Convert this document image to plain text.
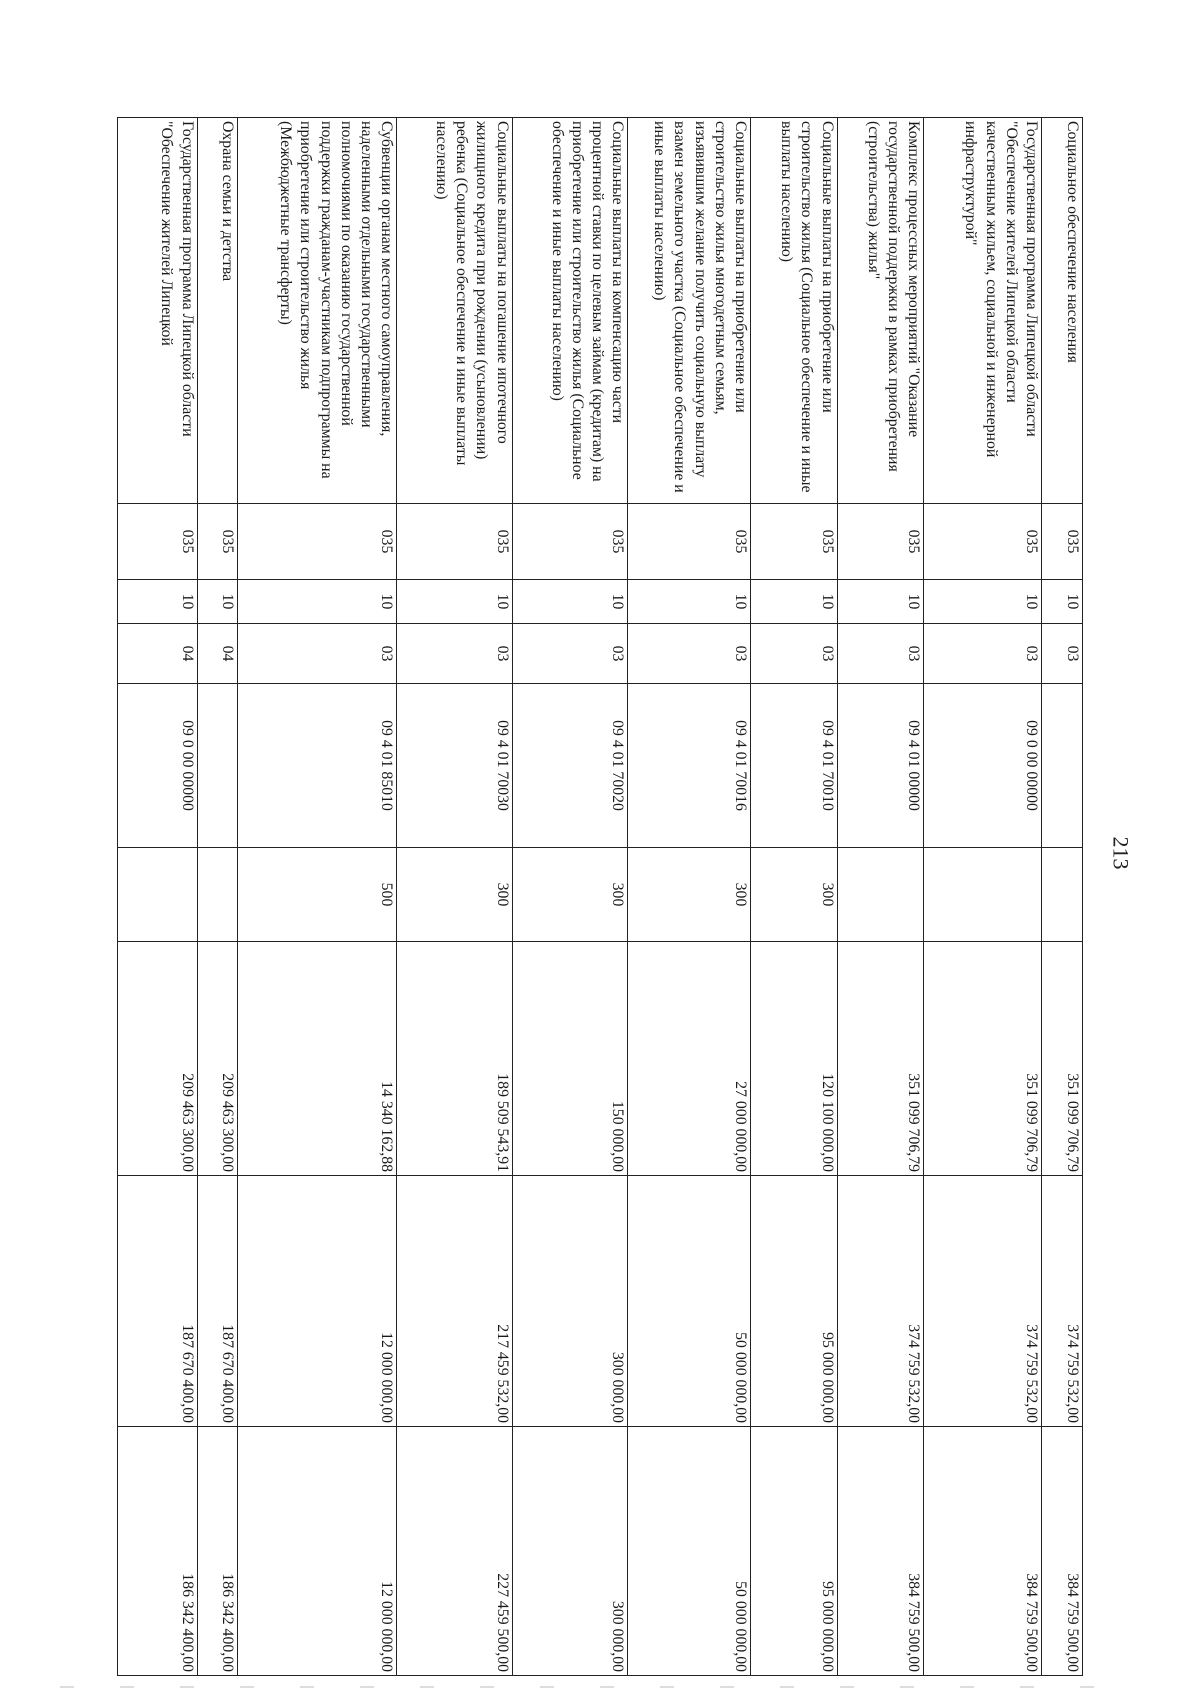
213
Социальное обеспечение населения	035	10	03			351 099 706,79	374 759 532,00	384 759 500,00
Государственная программа Липецкой области "Обеспечение жителей Липецкой области качественным жильем, социальной и инженерной инфраструктурой"	035	10	03	09 0 00 00000		351 099 706,79	374 759 532,00	384 759 500,00
Комплекс процессных мероприятий "Оказание государственной поддержки в рамках приобретения (строительства) жилья"	035	10	03	09 4 01 00000		351 099 706,79	374 759 532,00	384 759 500,00
Социальные выплаты на приобретение или строительство жилья (Социальное обеспечение и иные выплаты населению)	035	10	03	09 4 01 70010	300	120 100 000,00	95 000 000,00	95 000 000,00
Социальные выплаты на приобретение или строительство жилья многодетным семьям, изъявившим желание получить социальную выплату взамен земельного участка (Социальное обеспечение и иные выплаты населению)	035	10	03	09 4 01 70016	300	27 000 000,00	50 000 000,00	50 000 000,00
Социальные выплаты на компенсацию части процентной ставки по целевым займам (кредитам) на приобретение или строительство жилья (Социальное обеспечение и иные выплаты населению)	035	10	03	09 4 01 70020	300	150 000,00	300 000,00	300 000,00
Социальные выплаты на погашение ипотечного жилищного кредита при рождении (усыновлении) ребенка (Социальное обеспечение и иные выплаты населению)	035	10	03	09 4 01 70030	300	189 509 543,91	217 459 532,00	227 459 500,00
Субвенции органам местного самоуправления, наделенными отдельными государственными полномочиями по оказанию государственной поддержки гражданам-участникам подпрограммы на приобретение или строительство жилья (Межбюджетные трансферты)	035	10	03	09 4 01 85010	500	14 340 162,88	12 000 000,00	12 000 000,00
Охрана семьи и детства	035	10	04			209 463 300,00	187 670 400,00	186 342 400,00
Государственная программа Липецкой области "Обеспечение жителей Липецкой	035	10	04	09 0 00 00000		209 463 300,00	187 670 400,00	186 342 400,00
